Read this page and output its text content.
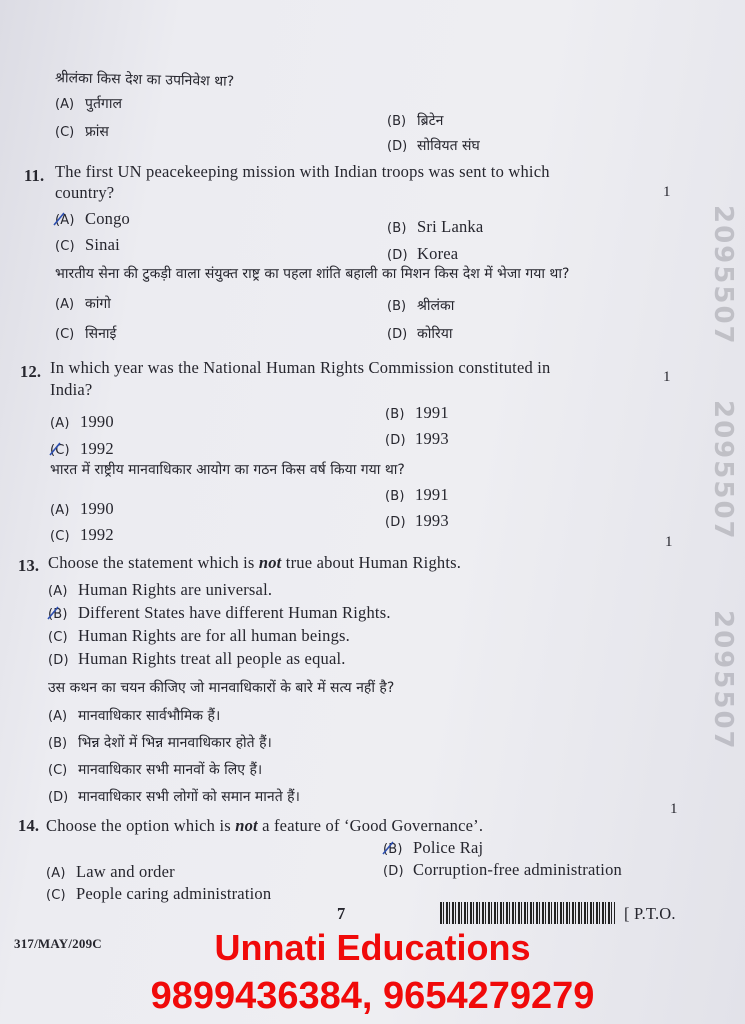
2095507
2095507
2095507
श्रीलंका किस देश का उपनिवेश था?
(A) पुर्तगाल
(B) ब्रिटेन
(C) फ्रांस
(D) सोवियत संघ
11. The first UN peacekeeping mission with Indian troops was sent to which
country?	1
(A) Congo
(B) Sri Lanka
(C) Sinai
(D) Korea
भारतीय सेना की टुकड़ी वाला संयुक्त राष्ट्र का पहला शांति बहाली का मिशन किस देश में भेजा गया था?
(A) कांगो	(B) श्रीलंका
(C) सिनाई	(D) कोरिया
12. In which year was the National Human Rights Commission constituted in
India?
1
(A) 1990	(B) 1991
(C) 1992	(D) 1993
भारत में राष्ट्रीय मानवाधिकार आयोग का गठन किस वर्ष किया गया था?
(A) 1990
(B) 1991
(C) 1992
(D) 1993
13. Choose the statement which is not true about Human Rights.
1
(A) Human Rights are universal.
(B) Different States have different Human Rights.
(C) Human Rights are for all human beings.
(D) Human Rights treat all people as equal.
उस कथन का चयन कीजिए जो मानवाधिकारों के बारे में सत्य नहीं है?
(A) मानवाधिकार सार्वभौमिक हैं।
(B) भिन्न देशों में भिन्न मानवाधिकार होते हैं।
(C) मानवाधिकार सभी मानवों के लिए हैं।
(D) मानवाधिकार सभी लोगों को समान मानते हैं।
14. Choose the option which is not a feature of ‘Good Governance’.
1
(A) Law and order
(B) Police Raj
(C) People caring administration
(D) Corruption-free administration
7	[ P.T.O.
317/MAY/209C	Unnati Educations
9899436384, 9654279279
